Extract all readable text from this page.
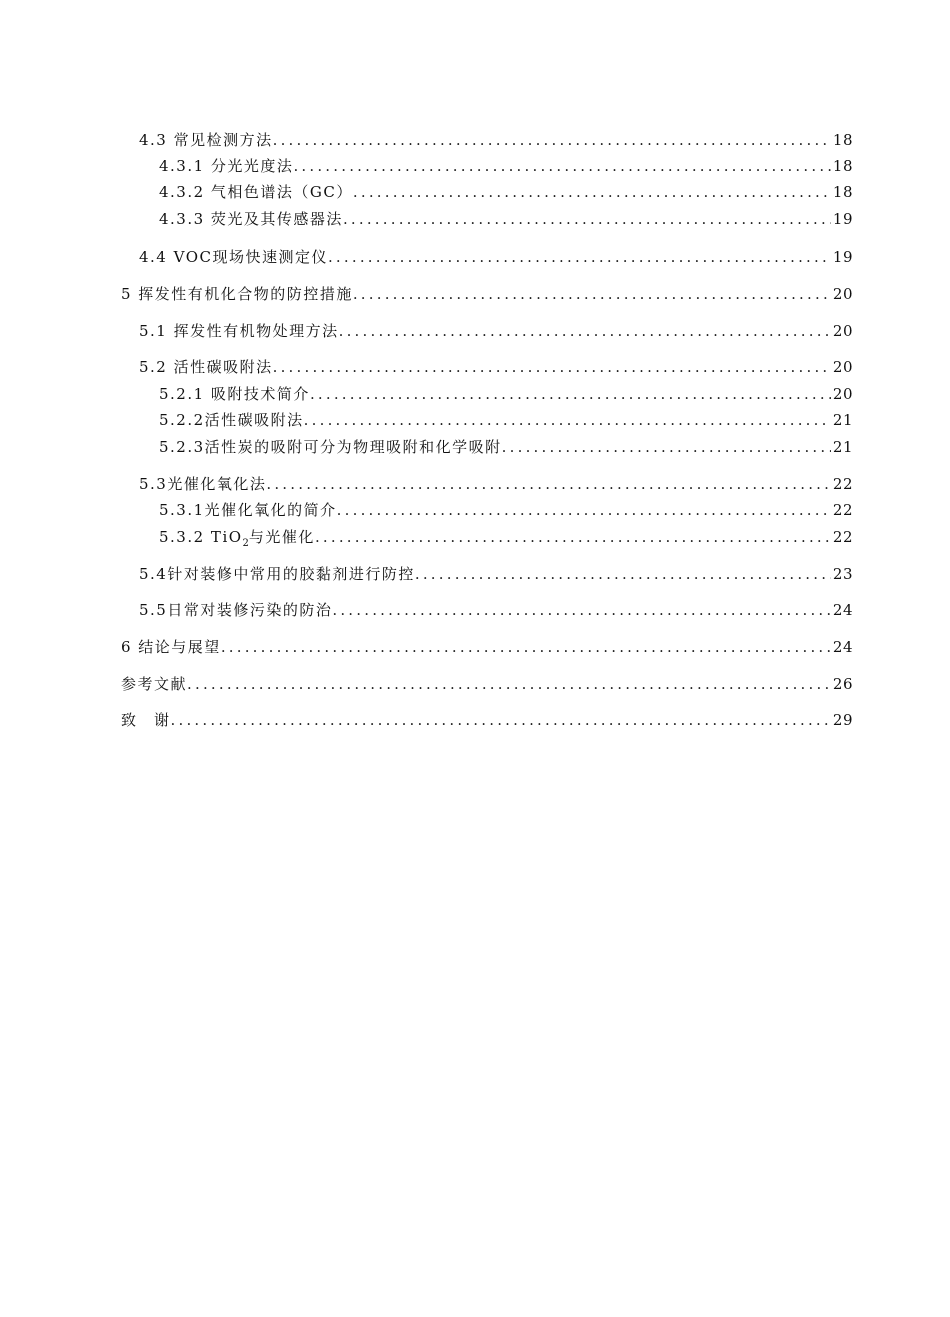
4.3 常见检测方法 .....	18
4.3.1 分光光度法 .....	18
4.3.2 气相色谱法（GC） .....	18
4.3.3 荧光及其传感器法 .....	19
4.4 VOC现场快速测定仪 .....	19
5 挥发性有机化合物的防控措施 .....	20
5.1 挥发性有机物处理方法 .....	20
5.2 活性碳吸附法 .....	20
5.2.1 吸附技术简介 .....	20
5.2.2活性碳吸附法 .....	21
5.2.3活性炭的吸附可分为物理吸附和化学吸附 .....	21
5.3光催化氧化法 .....	22
5.3.1光催化氧化的简介 .....	22
5.3.2 TiO$_2$与光催化 .....	22
5.4针对装修中常用的胶黏剂进行防控 .....	23
5.5日常对装修污染的防治 .....	24
6 结论与展望 .....	24
参考文献 .....	26
致　谢 .....	29
